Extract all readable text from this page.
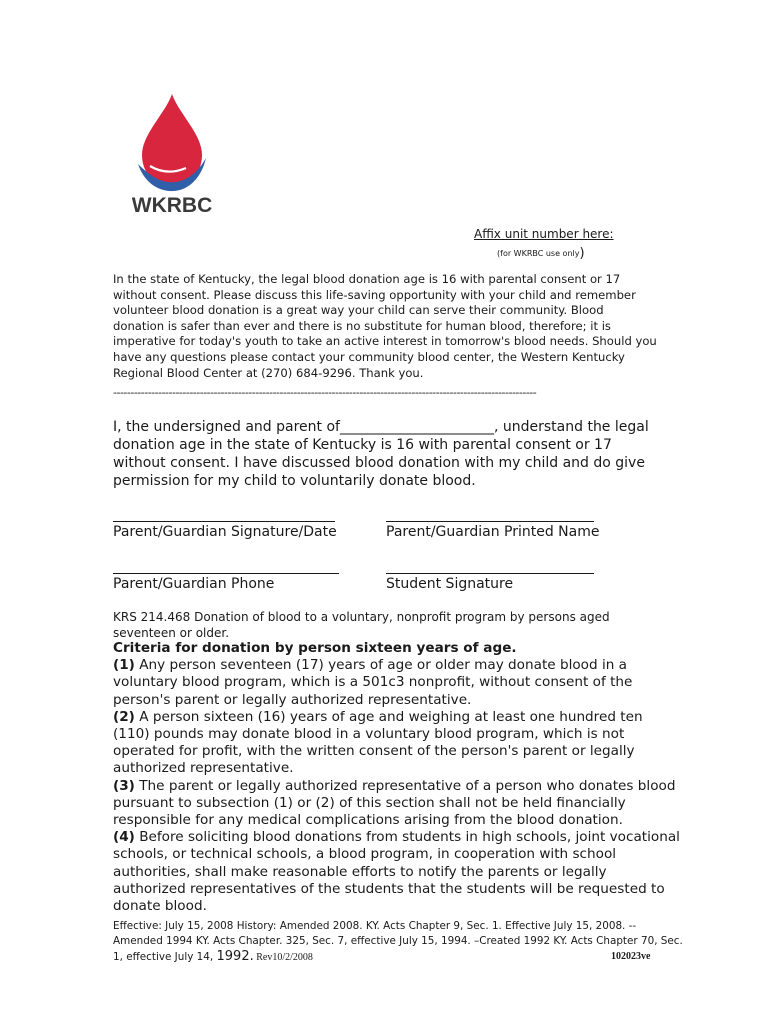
WKRBC
Affix unit number here:
(for WKRBC use only)
In the state of Kentucky, the legal blood donation age is 16 with parental consent or 17 without consent. Please discuss this life-saving opportunity with your child and remember volunteer blood donation is a great way your child can serve their community. Blood donation is safer than ever and there is no substitute for human blood, therefore; it is imperative for today's youth to take an active interest in tomorrow's blood needs. Should you have any questions please contact your community blood center, the Western Kentucky Regional Blood Center at (270) 684-9296. Thank you.
--------------------------------------------------------------------------------------------------------------------------
I, the undersigned and parent of______________________, understand the legal donation age in the state of Kentucky is 16 with parental consent or 17 without consent. I have discussed blood donation with my child and do give permission for my child to voluntarily donate blood.
Parent/Guardian Signature/Date	Parent/Guardian Printed Name
Parent/Guardian Phone	Student Signature
KRS 214.468 Donation of blood to a voluntary, nonprofit program by persons aged seventeen or older.
Criteria for donation by person sixteen years of age.
(1) Any person seventeen (17) years of age or older may donate blood in a voluntary blood program, which is a 501c3 nonprofit, without consent of the person's parent or legally authorized representative.
(2) A person sixteen (16) years of age and weighing at least one hundred ten (110) pounds may donate blood in a voluntary blood program, which is not operated for profit, with the written consent of the person's parent or legally authorized representative.
(3) The parent or legally authorized representative of a person who donates blood pursuant to subsection (1) or (2) of this section shall not be held financially responsible for any medical complications arising from the blood donation.
(4) Before soliciting blood donations from students in high schools, joint vocational schools, or technical schools, a blood program, in cooperation with school authorities, shall make reasonable efforts to notify the parents or legally authorized representatives of the students that the students will be requested to donate blood.
Effective: July 15, 2008 History: Amended 2008. KY. Acts Chapter 9, Sec. 1. Effective July 15, 2008. -- Amended 1994 KY. Acts Chapter. 325, Sec. 7, effective July 15, 1994. –Created 1992 KY. Acts Chapter 70, Sec. 1, effective July 14, 1992. Rev10/2/2008	102023ve
